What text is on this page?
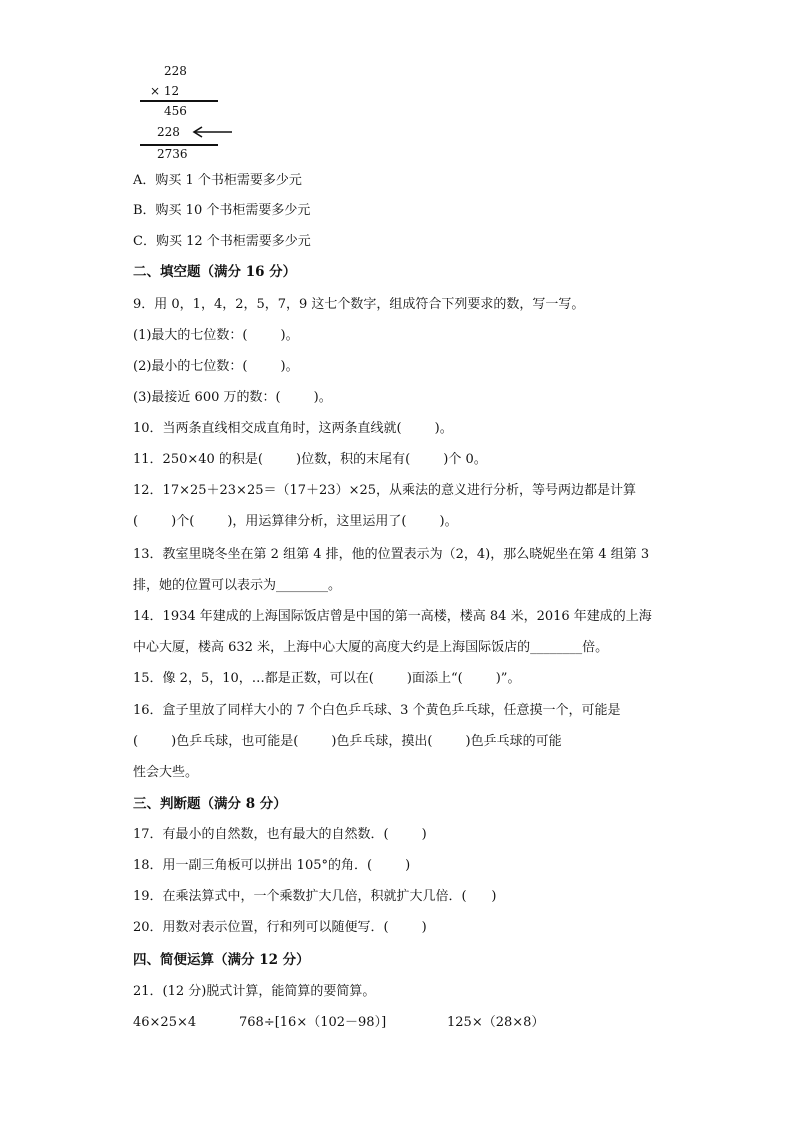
228
× 12
456
228
2736
A．购买 1 个书柜需要多少元
B．购买 10 个书柜需要多少元
C．购买 12 个书柜需要多少元
二、填空题（满分 16 分）
9．用 0，1，4，2，5，7，9 这七个数字，组成符合下列要求的数，写一写。
(1)最大的七位数：(        )。
(2)最小的七位数：(        )。
(3)最接近 600 万的数：(        )。
10．当两条直线相交成直角时，这两条直线就(        )。
11．250×40 的积是(        )位数，积的末尾有(        )个 0。
12．17×25＋23×25＝（17＋23）×25，从乘法的意义进行分析，等号两边都是计算
(        )个(        )，用运算律分析，这里运用了(        )。
13．教室里晓冬坐在第 2 组第 4 排，他的位置表示为（2，4)，那么晓妮坐在第 4 组第 3
排，她的位置可以表示为________。
14．1934 年建成的上海国际饭店曾是中国的第一高楼，楼高 84 米，2016 年建成的上海
中心大厦，楼高 632 米，上海中心大厦的高度大约是上海国际饭店的________倍。
15．像 2，5，10，…都是正数，可以在(        )面添上“(        )”。
16．盒子里放了同样大小的 7 个白色乒乓球、3 个黄色乒乓球，任意摸一个，可能是
(        )色乒乓球，也可能是(        )色乒乓球，摸出(        )色乒乓球的可能
性会大些。
三、判断题（满分 8 分）
17．有最小的自然数，也有最大的自然数．(        )
18．用一副三角板可以拼出 105°的角．(        )
19．在乘法算式中，一个乘数扩大几倍，积就扩大几倍．(      )
20．用数对表示位置，行和列可以随便写．(        )
四、简便运算（满分 12 分）
21．(12 分)脱式计算，能简算的要简算。
46×25×4	768÷[16×（102－98）]	125×（28×8）
